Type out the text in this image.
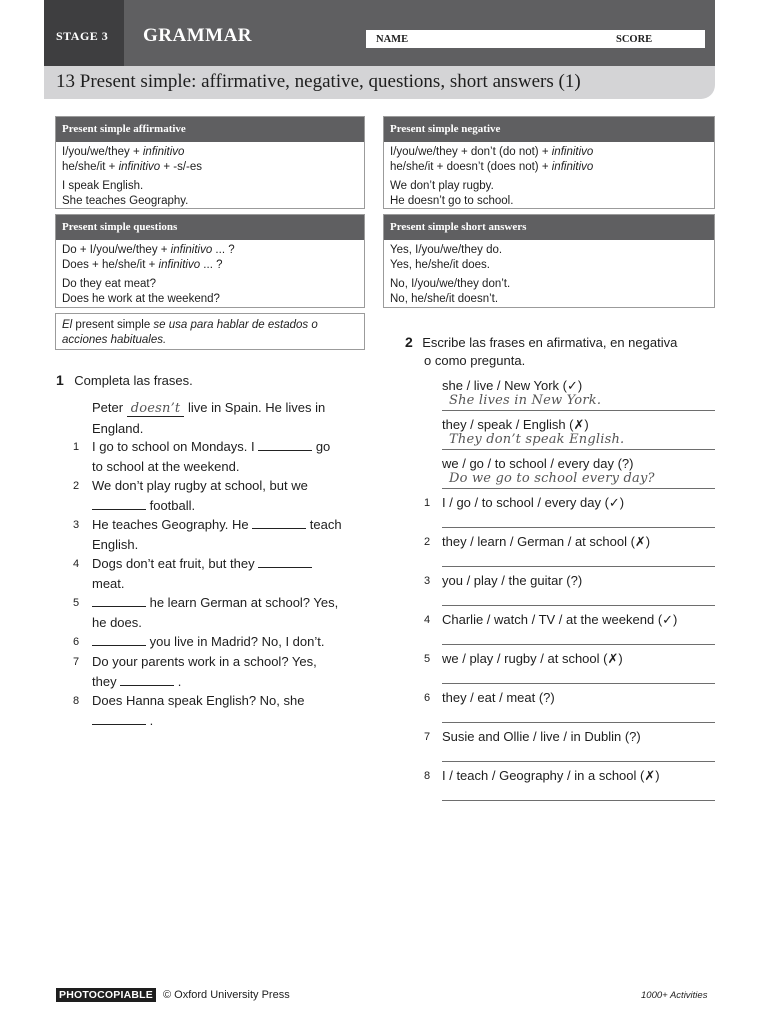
STAGE 3 GRAMMAR	NAME	SCORE
13 Present simple: affirmative, negative, questions, short answers (1)
Present simple affirmative
I/you/we/they + infinitivo
he/she/it + infinitivo + -s/-es
I speak English.
She teaches Geography.
Present simple negative
I/you/we/they + don’t (do not) + infinitivo
he/she/it + doesn’t (does not) + infinitivo
We don’t play rugby.
He doesn’t go to school.
Present simple questions
Do + I/you/we/they + infinitivo ... ?
Does + he/she/it + infinitivo ... ?
Do they eat meat?
Does he work at the weekend?
Present simple short answers
Yes, I/you/we/they do.
Yes, he/she/it does.
No, I/you/we/they don’t.
No, he/she/it doesn’t.
El present simple se usa para hablar de estados o acciones habituales.
1 Completa las frases.
Peter doesn’t live in Spain. He lives in
England.
1 I go to school on Mondays. I	go
to school at the weekend.
2 We don’t play rugby at school, but we
football.
3 He teaches Geography. He	teach
English.
4 Dogs don’t eat fruit, but they
meat.
5	he learn German at school? Yes,
he does.
6	you live in Madrid? No, I don’t.
7 Do your parents work in a school? Yes,
they	.
8 Does Hanna speak English? No, she
.
2 Escribe las frases en afirmativa, en negativa
o como pregunta.
she / live / New York (✓)
She lives in New York.
they / speak / English (✗)
They don’t speak English.
we / go / to school / every day (?)
Do we go to school every day?
1 I / go / to school / every day (✓)
2 they / learn / German / at school (✗)
3 you / play / the guitar (?)
4 Charlie / watch / TV / at the weekend (✓)
5 we / play / rugby / at school (✗)
6 they / eat / meat (?)
7 Susie and Ollie / live / in Dublin (?)
8 I / teach / Geography / in a school (✗)
PHOTOCOPIABLE © Oxford University Press	1000+ Activities
